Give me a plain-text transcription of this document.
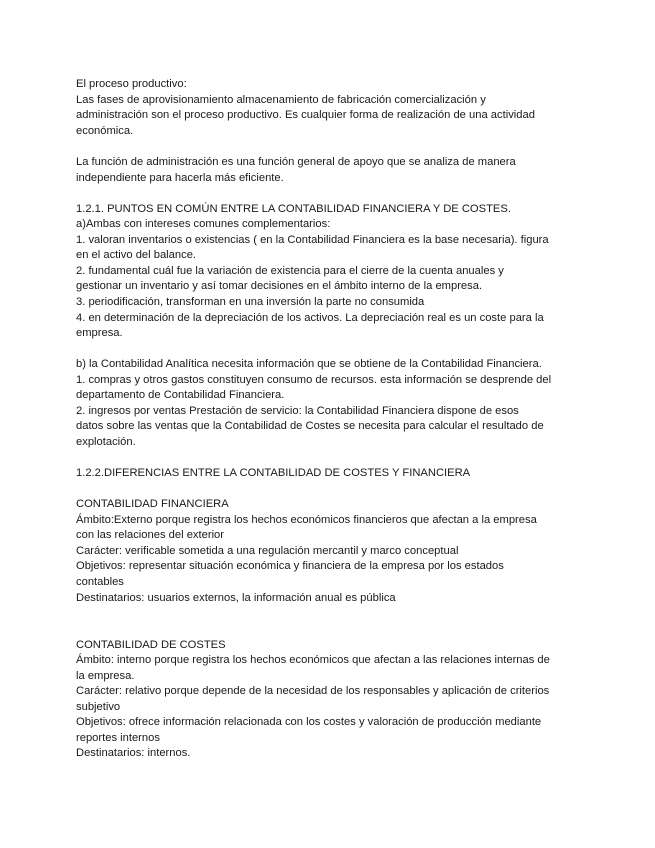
El proceso productivo:

Las fases de aprovisionamiento almacenamiento de fabricación comercialización y

administración son el proceso productivo. Es cualquier forma de realización de una actividad

económica.

La función de administración es una función general de apoyo que se analiza de manera

independiente para hacerla más eficiente.

1.2.1. PUNTOS EN COMÚN ENTRE LA CONTABILIDAD FINANCIERA Y DE COSTES.

a)Ambas con intereses comunes complementarios:

1. valoran inventarios o existencias ( en la Contabilidad Financiera es la base necesaria). figura

en el activo del balance.

2. fundamental cuál fue la variación de existencia para el cierre de la cuenta anuales y

gestionar un inventario y así tomar decisiones en el ámbito interno de la empresa.

3. periodificación, transforman en una inversión la parte no consumida

4. en determinación de la depreciación de los activos. La depreciación real es un coste para la

empresa.

b) la Contabilidad Analítica necesita información que se obtiene de la Contabilidad Financiera.

1. compras y otros gastos constituyen consumo de recursos. esta información se desprende del

departamento de Contabilidad Financiera.

2. ingresos por ventas Prestación de servicio: la Contabilidad Financiera dispone de esos

datos sobre las ventas que la Contabilidad de Costes se necesita para calcular el resultado de

explotación.

1.2.2.DIFERENCIAS ENTRE LA CONTABILIDAD DE COSTES Y FINANCIERA

CONTABILIDAD FINANCIERA

Ámbito:Externo porque registra los hechos económicos financieros que afectan a la empresa

con las relaciones del exterior

Carácter: verificable sometida a una regulación mercantil y marco conceptual

Objetivos: representar situación económica y financiera de la empresa por los estados

contables

Destinatarios: usuarios externos, la información anual es pública

CONTABILIDAD DE COSTES

Ámbito: interno porque registra los hechos económicos que afectan a las relaciones internas de

la empresa.

Carácter: relativo porque depende de la necesidad de los responsables y aplicación de criterios

subjetivo

Objetivos: ofrece información relacionada con los costes y valoración de producción mediante

reportes internos

Destinatarios: internos.
